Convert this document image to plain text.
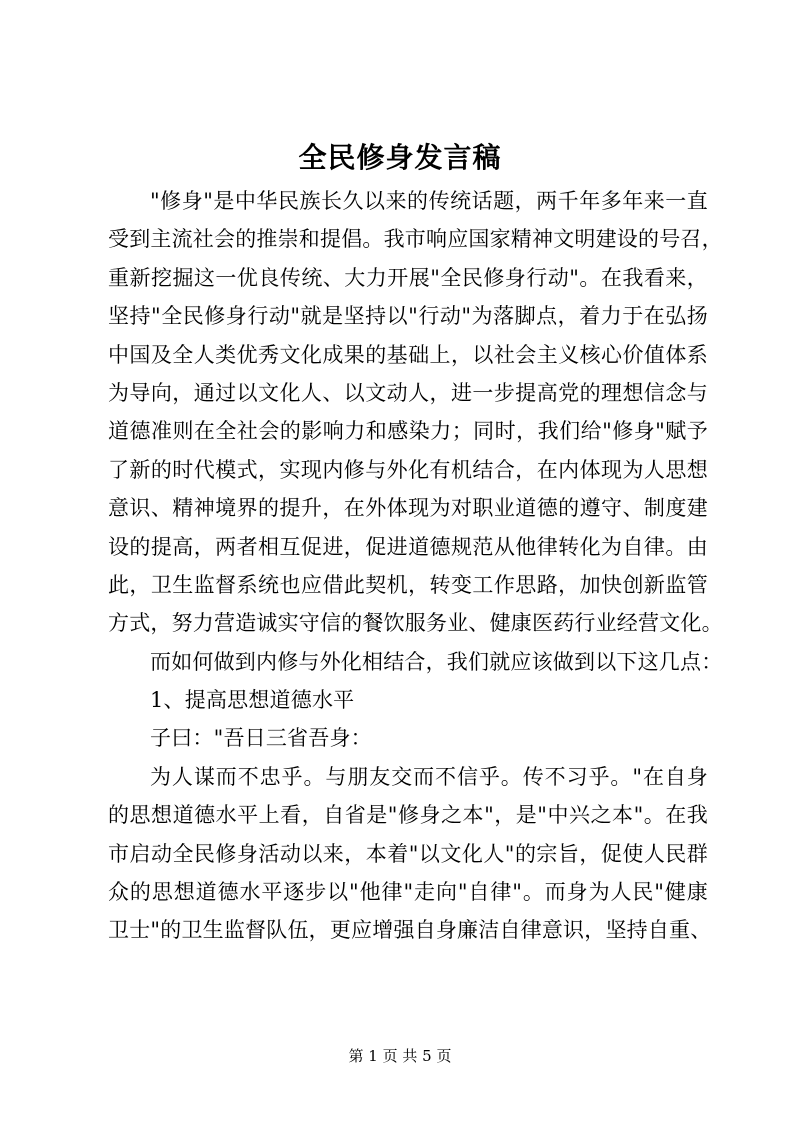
全民修身发言稿
"修身"是中华民族长久以来的传统话题，两千年多年来一直
受到主流社会的推崇和提倡。我市响应国家精神文明建设的号召，
重新挖掘这一优良传统、大力开展"全民修身行动"。在我看来，
坚持"全民修身行动"就是坚持以"行动"为落脚点，着力于在弘扬
中国及全人类优秀文化成果的基础上，以社会主义核心价值体系
为导向，通过以文化人、以文动人，进一步提高党的理想信念与
道德准则在全社会的影响力和感染力；同时，我们给"修身"赋予
了新的时代模式，实现内修与外化有机结合，在内体现为人思想
意识、精神境界的提升，在外体现为对职业道德的遵守、制度建
设的提高，两者相互促进，促进道德规范从他律转化为自律。由
此，卫生监督系统也应借此契机，转变工作思路，加快创新监管
方式，努力营造诚实守信的餐饮服务业、健康医药行业经营文化。
而如何做到内修与外化相结合，我们就应该做到以下这几点：
1、提高思想道德水平
子曰："吾日三省吾身：
为人谋而不忠乎。与朋友交而不信乎。传不习乎。"在自身
的思想道德水平上看，自省是"修身之本"，是"中兴之本"。在我
市启动全民修身活动以来，本着"以文化人"的宗旨，促使人民群
众的思想道德水平逐步以"他律"走向"自律"。而身为人民"健康
卫士"的卫生监督队伍，更应增强自身廉洁自律意识，坚持自重、
第 1 页 共 5 页
